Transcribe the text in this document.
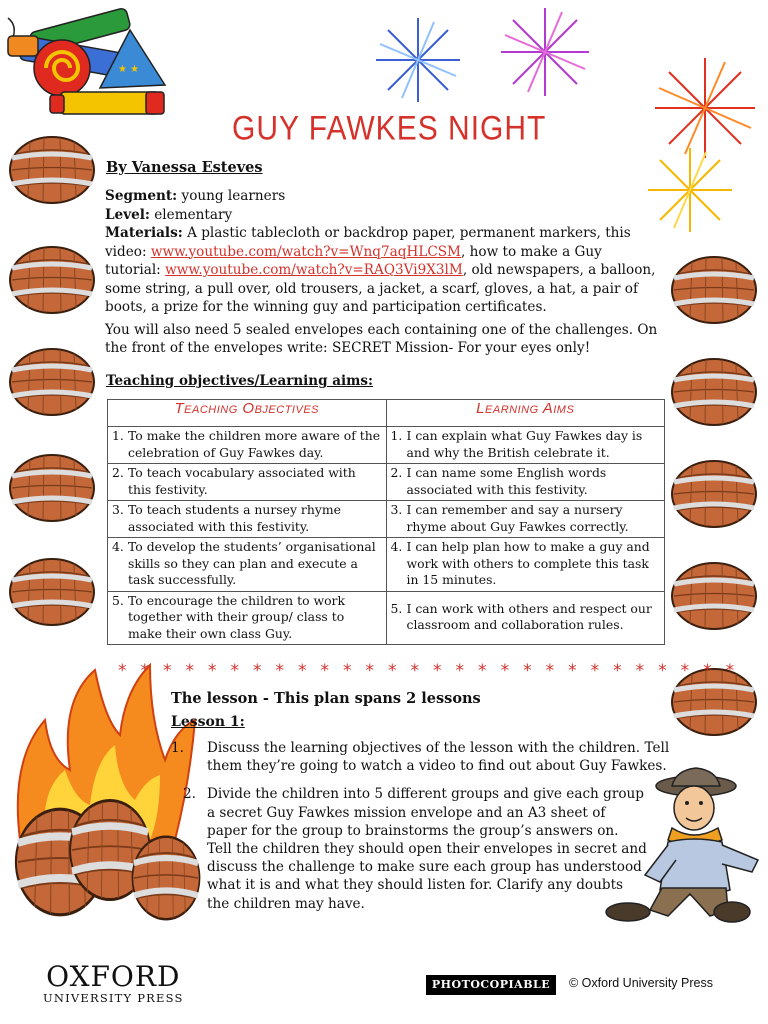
★ ★
GUY FAWKES NIGHT
By Vanessa Esteves

Segment: young learners

Level: elementary

Materials: A plastic tablecloth or backdrop paper, permanent markers, this video: www.youtube.com/watch?v=Wnq7aqHLCSM, how to make a Guy tutorial: www.youtube.com/watch?v=RAQ3Vi9X3lM, old newspapers, a balloon, some string, a pull over, old trousers, a jacket, a scarf, gloves, a hat, a pair of boots, a prize for the winning guy and participation certificates.

You will also need 5 sealed envelopes each containing one of the challenges. On the front of the envelopes write: SECRET Mission- For your eyes only!

Teaching objectives/Learning aims:
Teaching Objectives	Learning Aims

1. To make the children more aware of the celebration of Guy Fawkes day.	1. I can explain what Guy Fawkes day is and why the British celebrate it.

2. To teach vocabulary associated with this festivity.	2. I can name some English words associated with this festivity.

3. To teach students a nursey rhyme associated with this festivity.	3. I can remember and say a nursery rhyme about Guy Fawkes correctly.

4. To develop the students’ organisational skills so they can plan and execute a task successfully.	4. I can help plan how to make a guy and work with others to complete this task in 15 minutes.

5. To encourage the children to work together with their group/ class to make their own class Guy.	5. I can work with others and respect our classroom and collaboration rules.
* * * * * * * * * * * * * * * * * * * * * * * * * * * *
The lesson - This plan spans 2 lessons
Lesson 1:
1.	Discuss the learning objectives of the lesson with the children. Tell them they’re going to watch a video to find out about Guy Fawkes.
2. Divide the children into 5 different groups and give each group a secret Guy Fawkes mission envelope and an A3 sheet of paper for the group to brainstorms the group’s answers on. Tell the children they should open their envelopes in secret and discuss the challenge to make sure each group has understood what it is and what they should listen for. Clarify any doubts the children may have.
OXFORD
UNIVERSITY PRESS
PHOTOCOPIABLE	© Oxford University Press
